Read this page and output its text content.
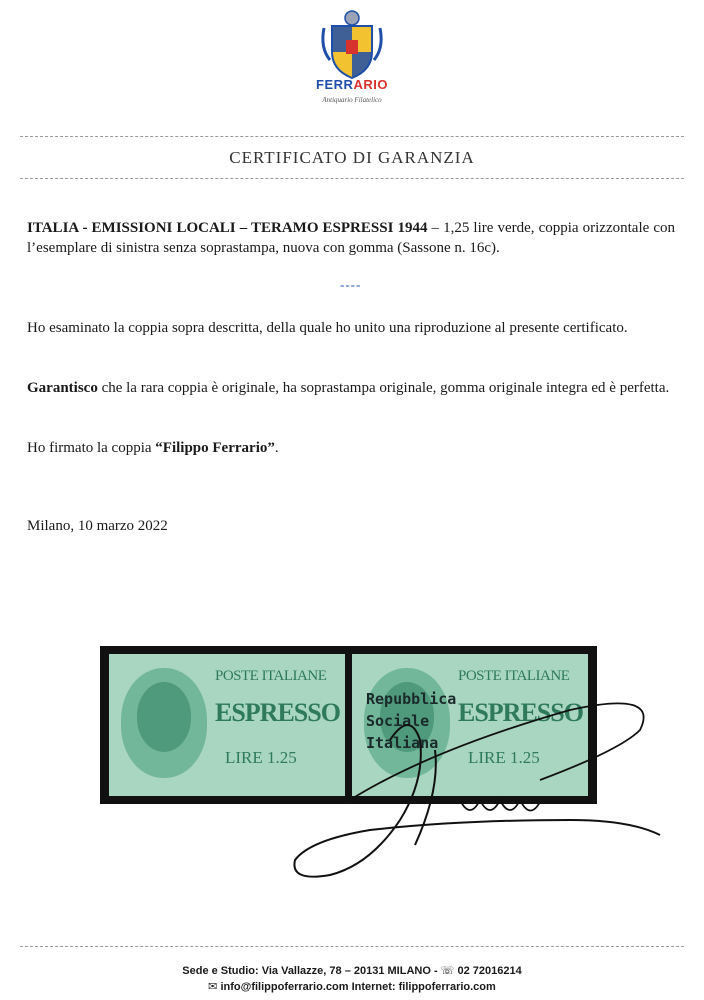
FERRARIO
Antiquario Filatelico
CERTIFICATO DI GARANZIA
ITALIA - EMISSIONI LOCALI – TERAMO ESPRESSI 1944 – 1,25 lire verde, coppia orizzontale con l’esemplare di sinistra senza soprastampa, nuova con gomma (Sassone n. 16c).
----
Ho esaminato la coppia sopra descritta, della quale ho unito una riproduzione al presente certificato.
Garantisco che la rara coppia è originale, ha soprastampa originale, gomma originale integra ed è perfetta.
Ho firmato la coppia “Filippo Ferrario”.
Milano, 10 marzo 2022
POSTE ITALIANE
ESPRESSO
LIRE 1.25
POSTE ITALIANE
ESPRESSO
LIRE 1.25
Repubblica
Sociale
Italiana
Sede e Studio: Via Vallazze, 78 – 20131 MILANO - ☏ 02 72016214
✉ info@filippoferrario.com Internet: filippoferrario.com
